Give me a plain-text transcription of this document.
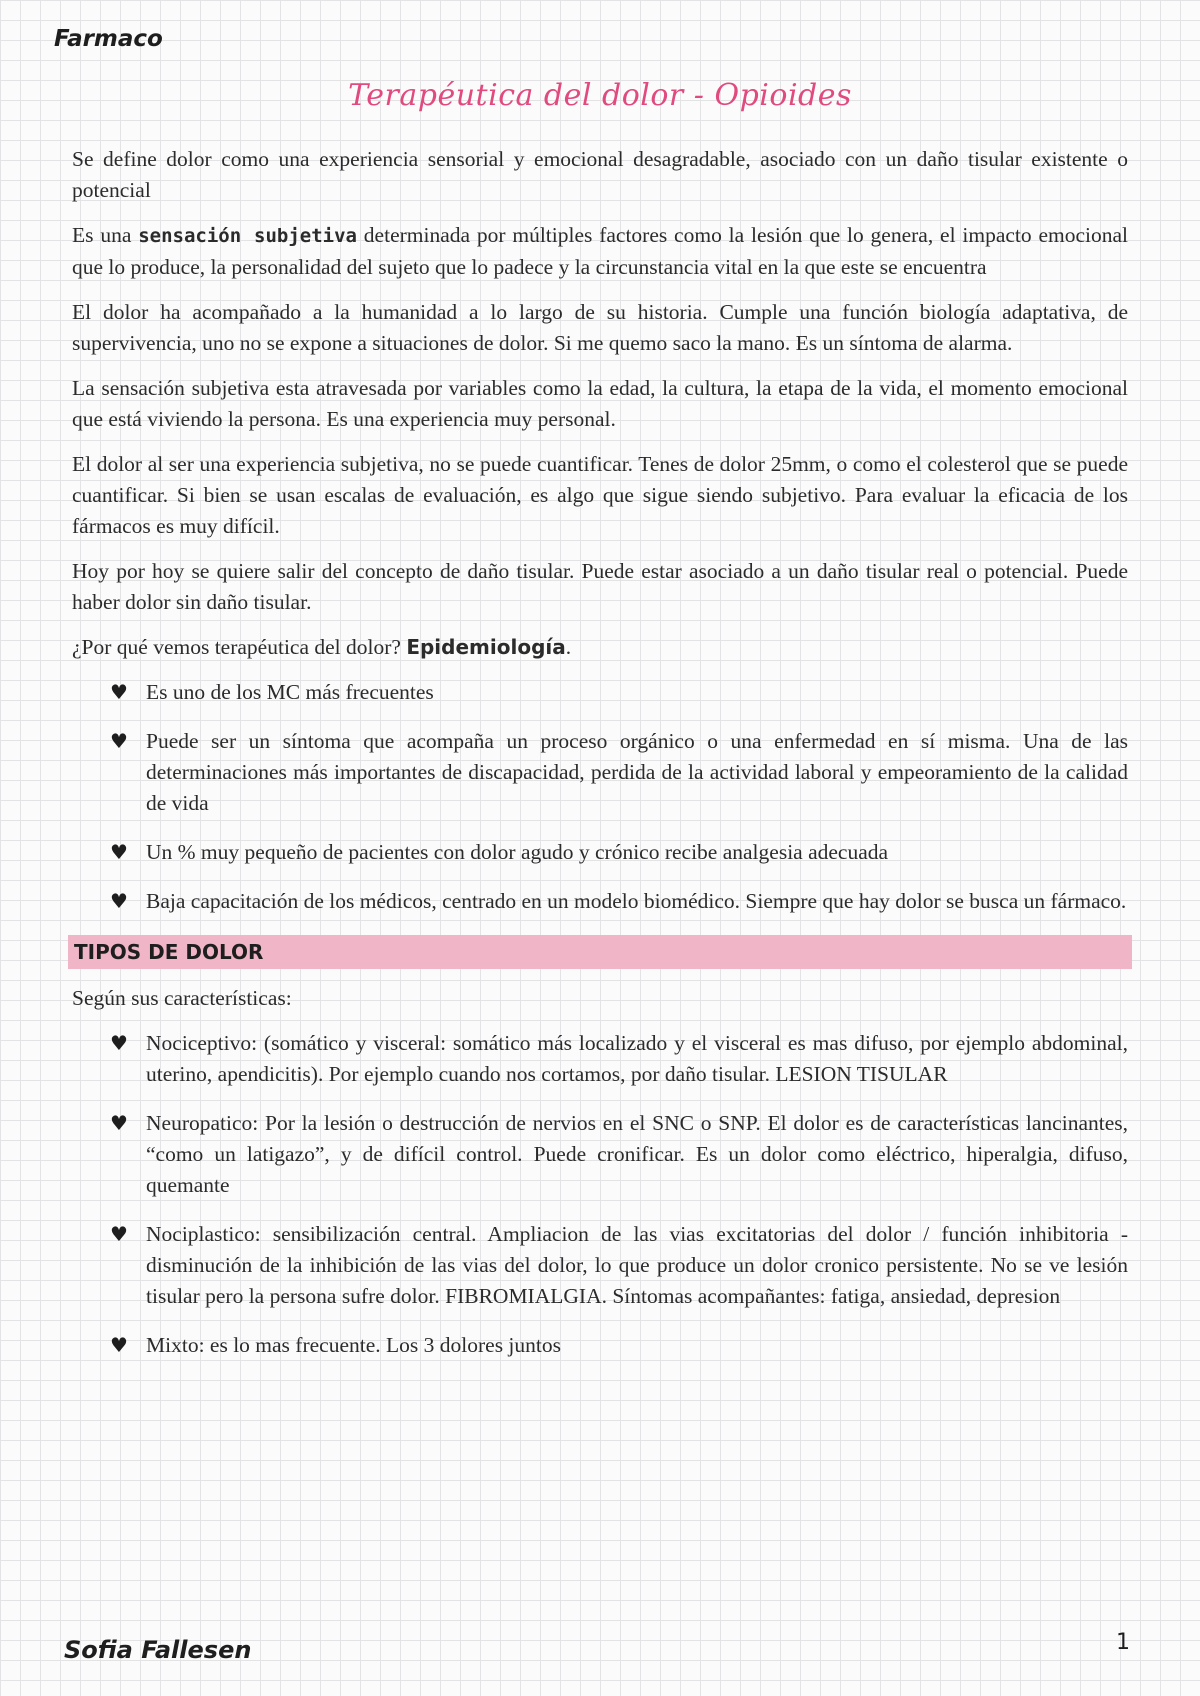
Farmaco
Terapéutica del dolor - Opioides

Se define dolor como una experiencia sensorial y emocional desagradable, asociado con un daño tisular existente o potencial

Es una sensación subjetiva determinada por múltiples factores como la lesión que lo genera, el impacto emocional que lo produce, la personalidad del sujeto que lo padece y la circunstancia vital en la que este se encuentra

El dolor ha acompañado a la humanidad a lo largo de su historia. Cumple una función biología adaptativa, de supervivencia, uno no se expone a situaciones de dolor. Si me quemo saco la mano. Es un síntoma de alarma.

La sensación subjetiva esta atravesada por variables como la edad, la cultura, la etapa de la vida, el momento emocional que está viviendo la persona. Es una experiencia muy personal.

El dolor al ser una experiencia subjetiva, no se puede cuantificar. Tenes de dolor 25mm, o como el colesterol que se puede cuantificar. Si bien se usan escalas de evaluación, es algo que sigue siendo subjetivo. Para evaluar la eficacia de los fármacos es muy difícil.

Hoy por hoy se quiere salir del concepto de daño tisular. Puede estar asociado a un daño tisular real o potencial. Puede haber dolor sin daño tisular.

¿Por qué vemos terapéutica del dolor? Epidemiología.

♥ Es uno de los MC más frecuentes
♥ Puede ser un síntoma que acompaña un proceso orgánico o una enfermedad en sí misma. Una de las determinaciones más importantes de discapacidad, perdida de la actividad laboral y empeoramiento de la calidad de vida
♥ Un % muy pequeño de pacientes con dolor agudo y crónico recibe analgesia adecuada
♥ Baja capacitación de los médicos, centrado en un modelo biomédico. Siempre que hay dolor se busca un fármaco.
TIPOS DE DOLOR

Según sus características:

♥ Nociceptivo: (somático y visceral: somático más localizado y el visceral es mas difuso, por ejemplo abdominal, uterino, apendicitis). Por ejemplo cuando nos cortamos, por daño tisular. LESION TISULAR
♥ Neuropatico: Por la lesión o destrucción de nervios en el SNC o SNP. El dolor es de características lancinantes, “como un latigazo”, y de difícil control. Puede cronificar. Es un dolor como eléctrico, hiperalgia, difuso, quemante
♥ Nociplastico: sensibilización central. Ampliacion de las vias excitatorias del dolor / función inhibitoria - disminución de la inhibición de las vias del dolor, lo que produce un dolor cronico persistente. No se ve lesión tisular pero la persona sufre dolor. FIBROMIALGIA. Síntomas acompañantes: fatiga, ansiedad, depresion
♥ Mixto: es lo mas frecuente. Los 3 dolores juntos
Sofia Fallesen	1
